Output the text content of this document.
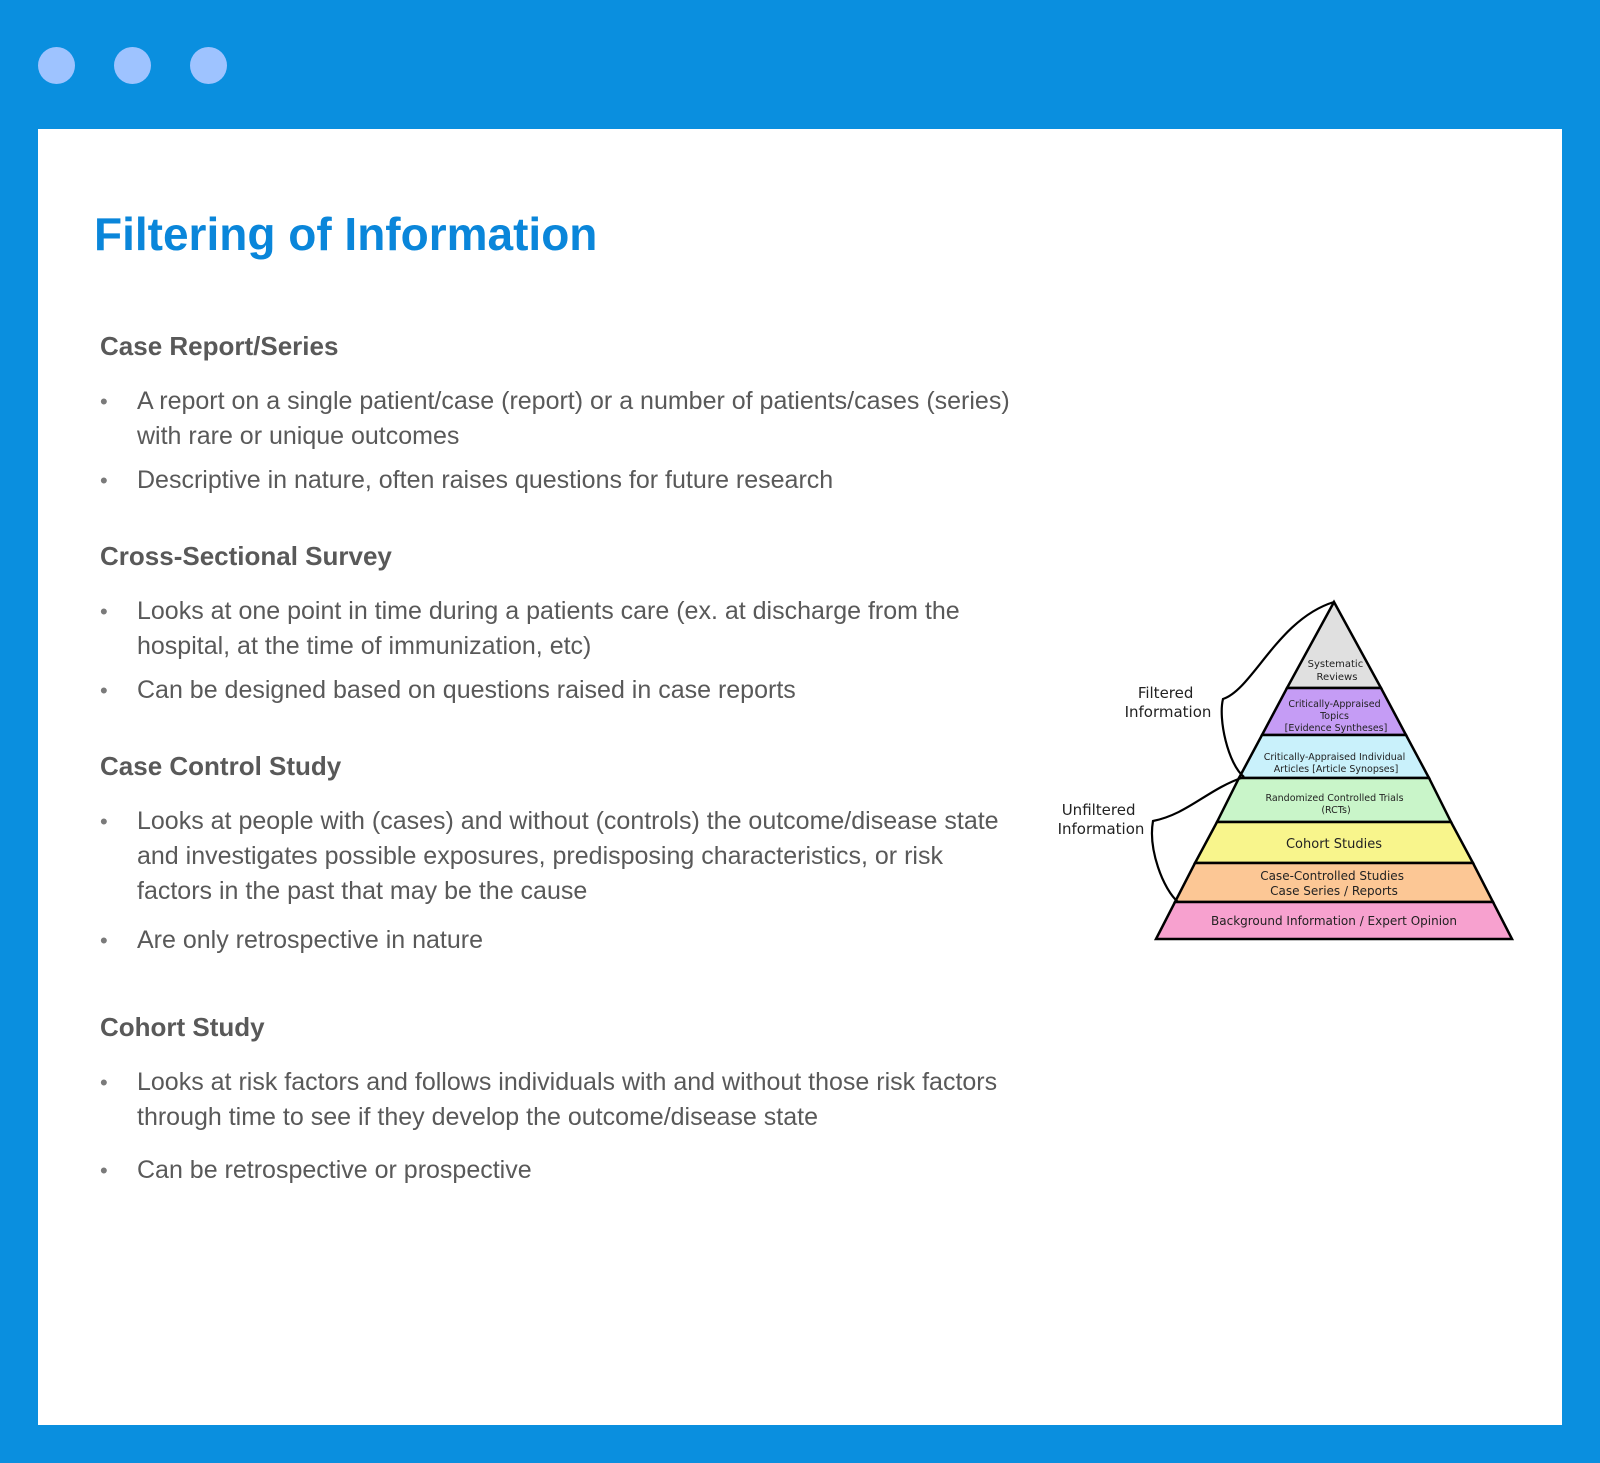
Filtering of Information
Case Report/Series
• A report on a single patient/case (report) or a number of patients/cases (series) with rare or unique outcomes
• Descriptive in nature, often raises questions for future research
Cross-Sectional Survey
• Looks at one point in time during a patients care (ex. at discharge from the hospital, at the time of immunization, etc)
• Can be designed based on questions raised in case reports
Case Control Study
• Looks at people with (cases) and without (controls) the outcome/disease state and investigates possible exposures, predisposing characteristics, or risk factors in the past that may be the cause
• Are only retrospective in nature
Cohort Study
• Looks at risk factors and follows individuals with and without those risk factors through time to see if they develop the outcome/disease state
• Can be retrospective or prospective
Filtered Information
Unfiltered Information
Systematic Reviews
Critically-Appraised Topics [Evidence Syntheses]
Critically-Appraised Individual Articles [Article Synopses]
Randomized Controlled Trials (RCTs)
Cohort Studies
Case-Controlled Studies Case Series / Reports
Background Information / Expert Opinion
